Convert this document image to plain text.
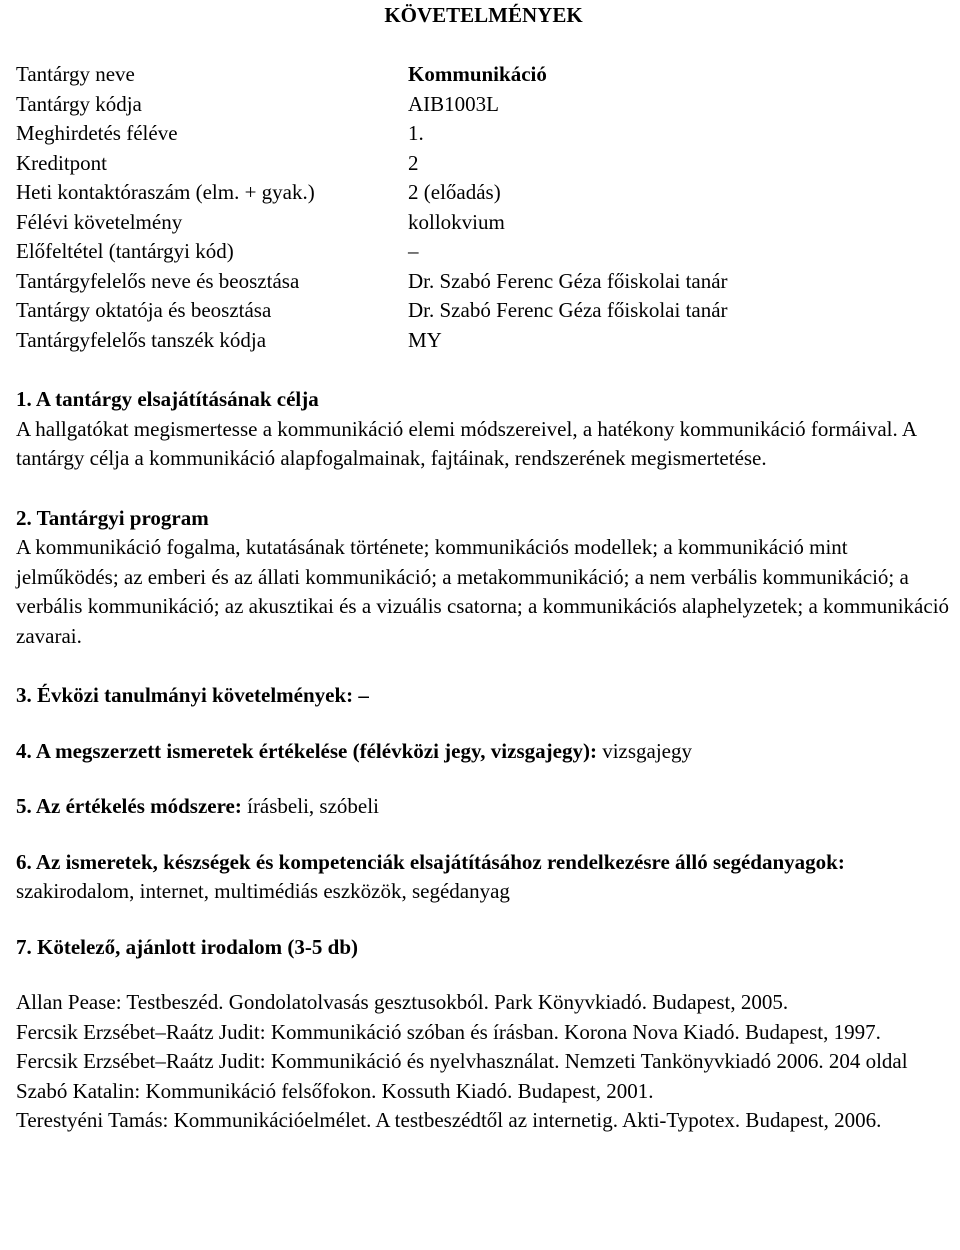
KÖVETELMÉNYEK
Tantárgy neve	Kommunikáció
Tantárgy kódja	AIB1003L
Meghirdetés féléve	1.
Kreditpont	2
Heti kontaktóraszám (elm. + gyak.)	2 (előadás)
Félévi követelmény	kollokvium
Előfeltétel (tantárgyi kód)	–
Tantárgyfelelős neve és beosztása	Dr. Szabó Ferenc Géza főiskolai tanár
Tantárgy oktatója és beosztása	Dr. Szabó Ferenc Géza főiskolai tanár
Tantárgyfelelős tanszék kódja	MY
1. A tantárgy elsajátításának célja

A hallgatókat megismertesse a kommunikáció elemi módszereivel, a hatékony kommunikáció formáival. A tantárgy célja a kommunikáció alapfogalmainak, fajtáinak, rendszerének megismertetése.

2. Tantárgyi program

A kommunikáció fogalma, kutatásának története; kommunikációs modellek; a kommunikáció mint jelműködés; az emberi és az állati kommunikáció; a metakommunikáció; a nem verbális kommunikáció; a verbális kommunikáció; az akusztikai és a vizuális csatorna; a kommunikációs alaphelyzetek; a kommunikáció zavarai.

3. Évközi tanulmányi követelmények: –
4. A megszerzett ismeretek értékelése (félévközi jegy, vizsgajegy): vizsgajegy
5. Az értékelés módszere: írásbeli, szóbeli
6. Az ismeretek, készségek és kompetenciák elsajátításához rendelkezésre álló segédanyagok: szakirodalom, internet, multimédiás eszközök, segédanyag
7. Kötelező, ajánlott irodalom (3-5 db)

Allan Pease: Testbeszéd. Gondolatolvasás gesztusokból. Park Könyvkiadó. Budapest, 2005.

Fercsik Erzsébet–Raátz Judit: Kommunikáció szóban és írásban. Korona Nova Kiadó. Budapest, 1997.

Fercsik Erzsébet–Raátz Judit: Kommunikáció és nyelvhasználat. Nemzeti Tankönyvkiadó 2006. 204 oldal

Szabó Katalin: Kommunikáció felsőfokon. Kossuth Kiadó. Budapest, 2001.

Terestyéni Tamás: Kommunikációelmélet. A testbeszédtől az internetig. Akti-Typotex. Budapest, 2006.
